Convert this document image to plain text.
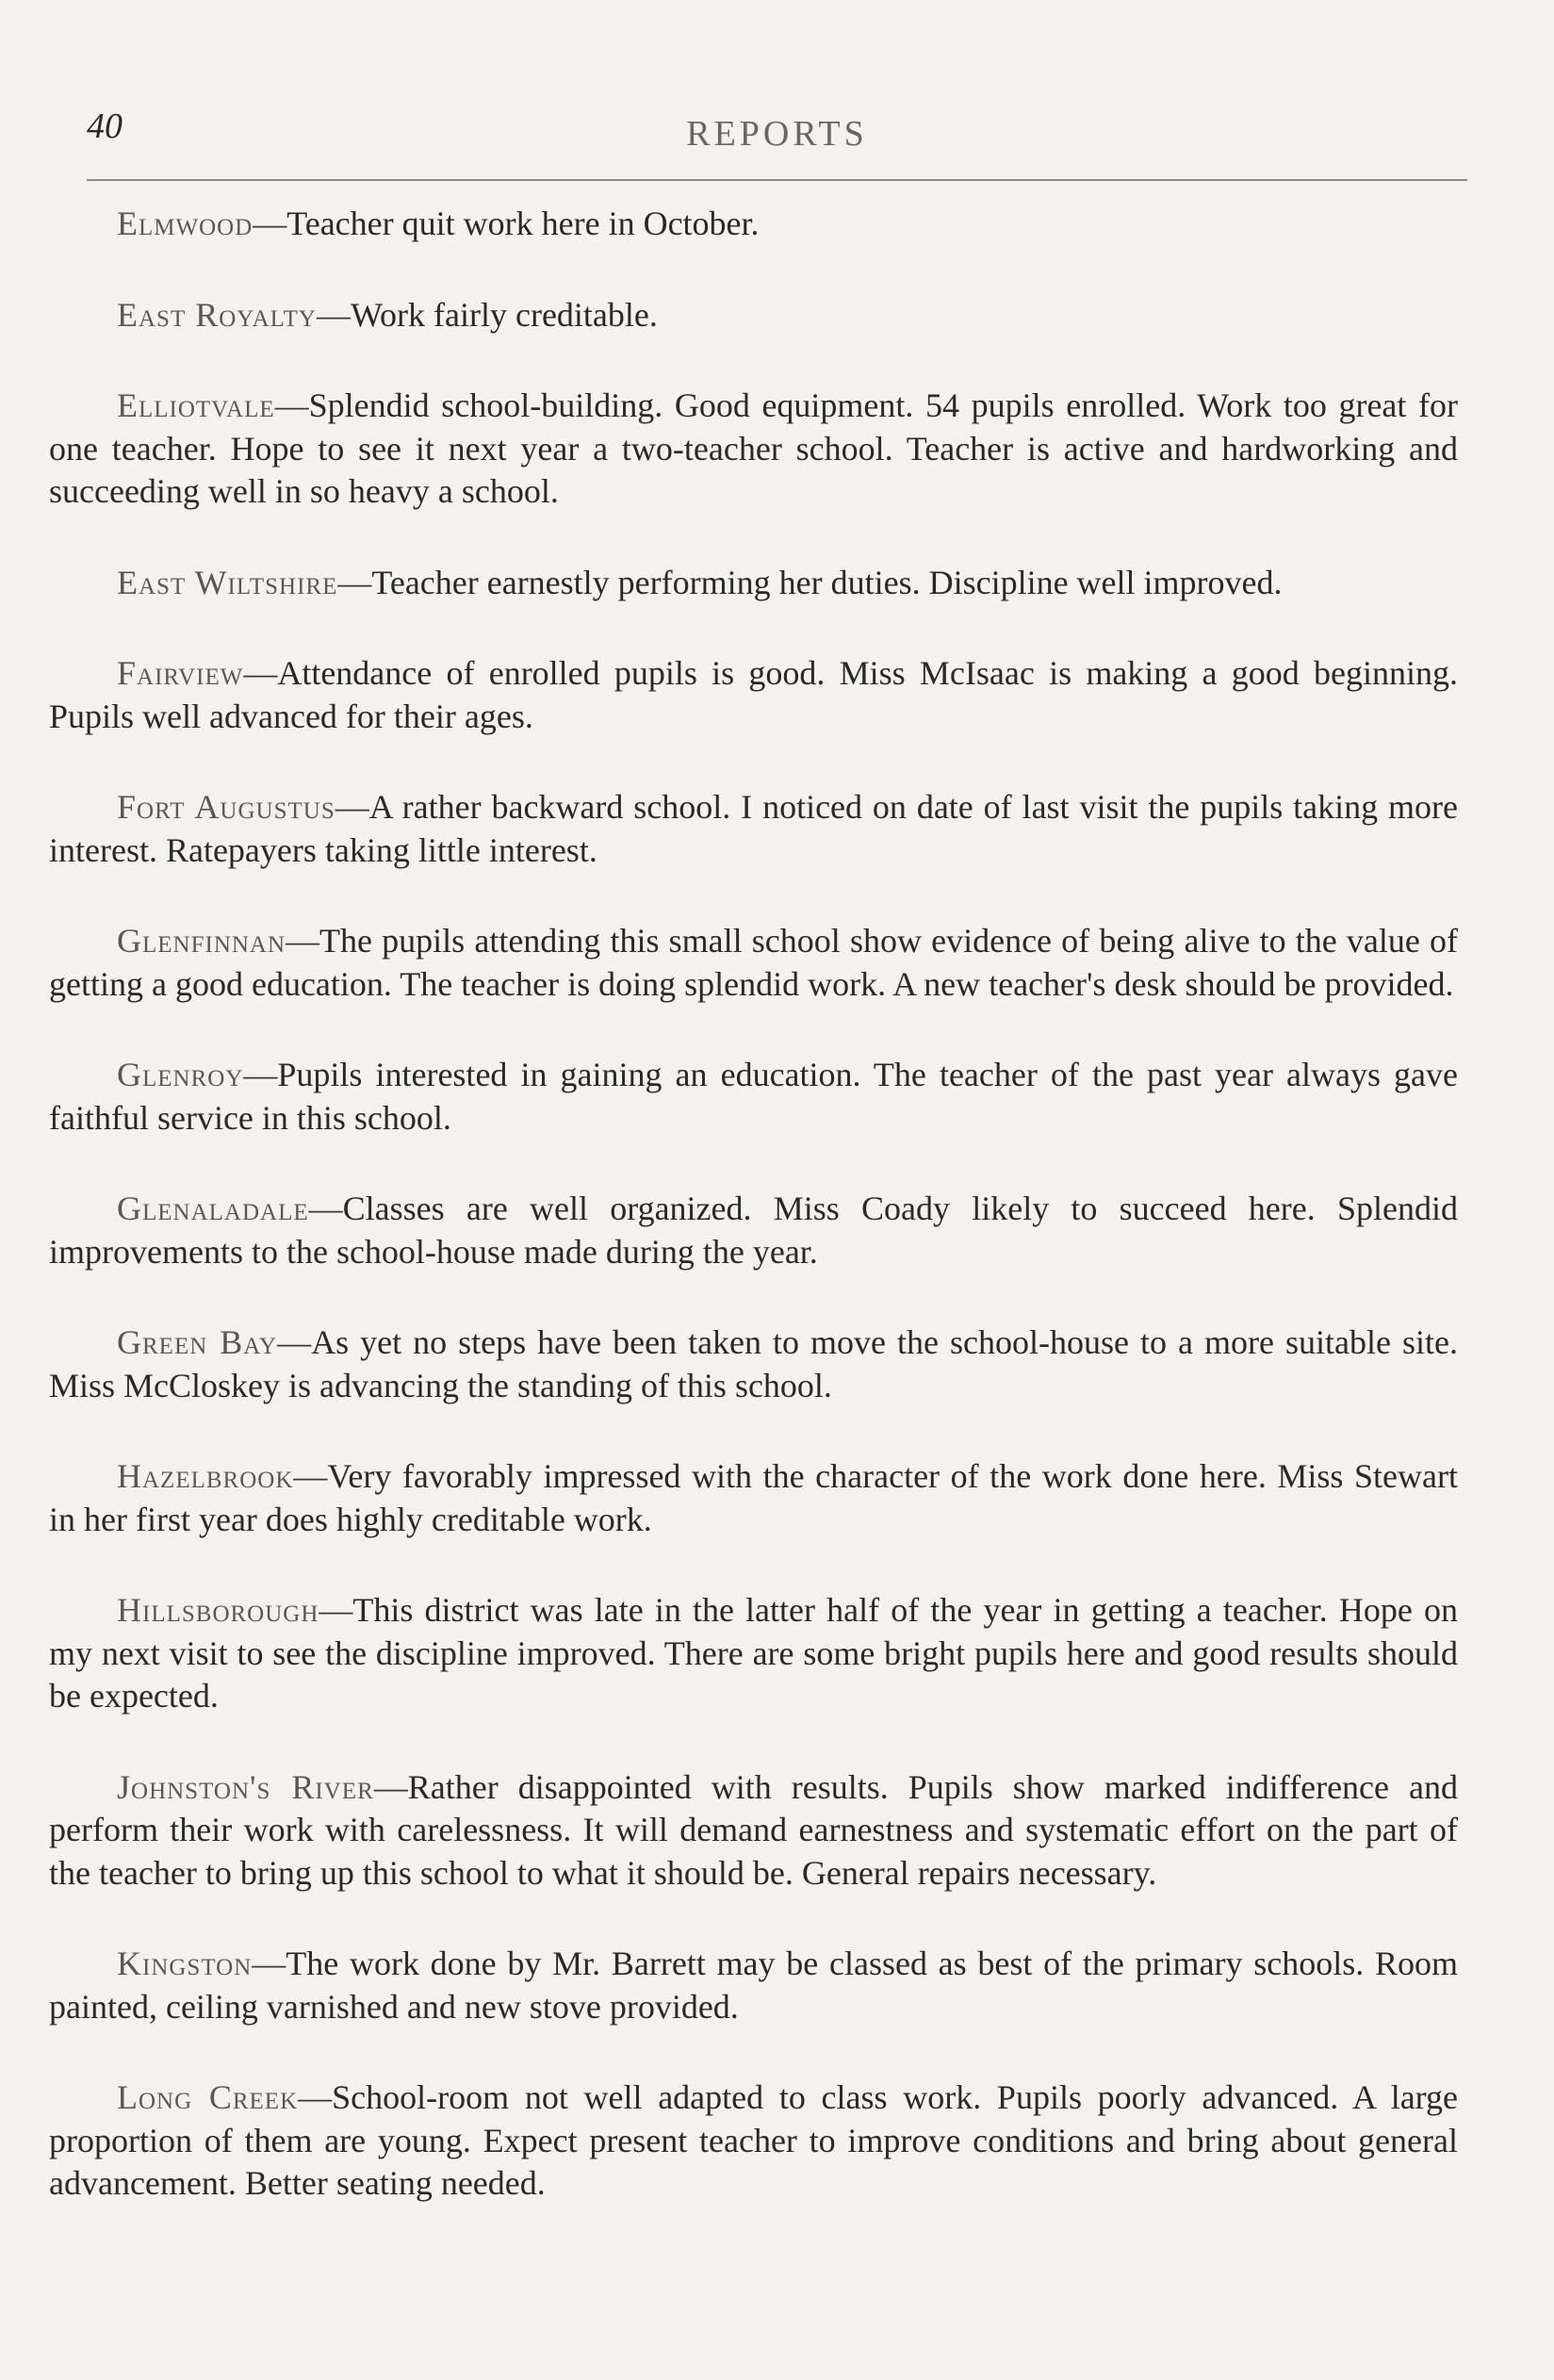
40	REPORTS

Elmwood—Teacher quit work here in October.

East Royalty—Work fairly creditable.

Elliotvale—Splendid school-building. Good equipment. 54 pupils enrolled. Work too great for one teacher. Hope to see it next year a two-teacher school. Teacher is active and hardworking and succeeding well in so heavy a school.

East Wiltshire—Teacher earnestly performing her duties. Discipline well improved.

Fairview—Attendance of enrolled pupils is good. Miss McIsaac is making a good beginning. Pupils well advanced for their ages.

Fort Augustus—A rather backward school. I noticed on date of last visit the pupils taking more interest. Ratepayers taking little interest.

Glenfinnan—The pupils attending this small school show evidence of being alive to the value of getting a good education. The teacher is doing splendid work. A new teacher's desk should be provided.

Glenroy—Pupils interested in gaining an education. The teacher of the past year always gave faithful service in this school.

Glenaladale—Classes are well organized. Miss Coady likely to succeed here. Splendid improvements to the school-house made during the year.

Green Bay—As yet no steps have been taken to move the school-house to a more suitable site. Miss McCloskey is advancing the standing of this school.

Hazelbrook—Very favorably impressed with the character of the work done here. Miss Stewart in her first year does highly creditable work.

Hillsborough—This district was late in the latter half of the year in getting a teacher. Hope on my next visit to see the discipline improved. There are some bright pupils here and good results should be expected.

Johnston's River—Rather disappointed with results. Pupils show marked indifference and perform their work with carelessness. It will demand earnestness and systematic effort on the part of the teacher to bring up this school to what it should be. General repairs necessary.

Kingston—The work done by Mr. Barrett may be classed as best of the primary schools. Room painted, ceiling varnished and new stove provided.

Long Creek—School-room not well adapted to class work. Pupils poorly advanced. A large proportion of them are young. Expect present teacher to improve conditions and bring about general advancement. Better seating needed.
